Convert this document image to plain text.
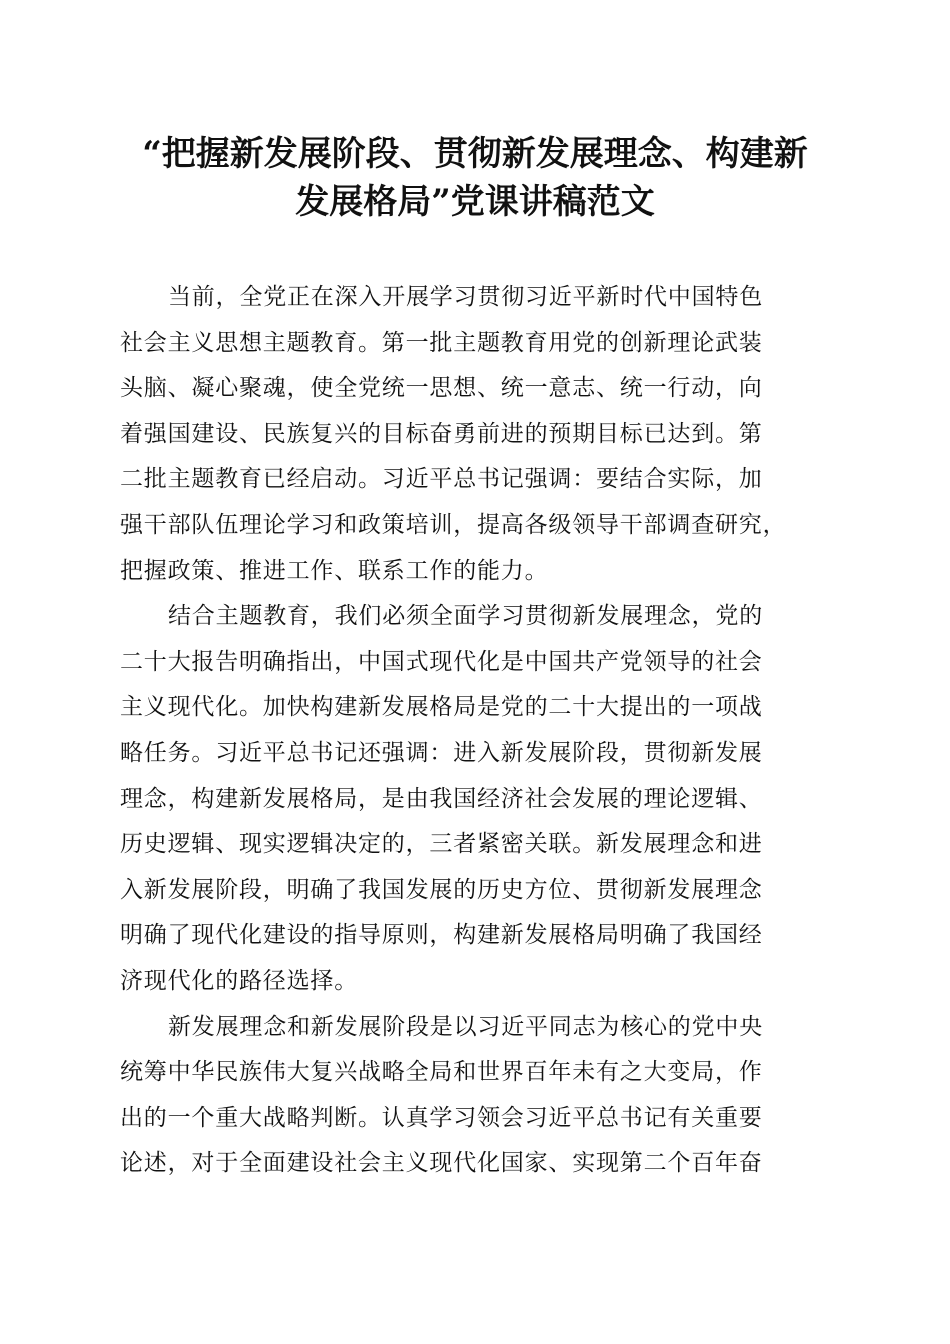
“把握新发展阶段、贯彻新发展理念、构建新
发展格局”党课讲稿范文
当前，全党正在深入开展学习贯彻习近平新时代中国特色
社会主义思想主题教育。第一批主题教育用党的创新理论武装
头脑、凝心聚魂，使全党统一思想、统一意志、统一行动，向
着强国建设、民族复兴的目标奋勇前进的预期目标已达到。第
二批主题教育已经启动。习近平总书记强调：要结合实际，加
强干部队伍理论学习和政策培训，提高各级领导干部调查研究，
把握政策、推进工作、联系工作的能力。
结合主题教育，我们必须全面学习贯彻新发展理念，党的
二十大报告明确指出，中国式现代化是中国共产党领导的社会
主义现代化。加快构建新发展格局是党的二十大提出的一项战
略任务。习近平总书记还强调：进入新发展阶段，贯彻新发展
理念，构建新发展格局，是由我国经济社会发展的理论逻辑、
历史逻辑、现实逻辑决定的，三者紧密关联。新发展理念和进
入新发展阶段，明确了我国发展的历史方位、贯彻新发展理念
明确了现代化建设的指导原则，构建新发展格局明确了我国经
济现代化的路径选择。
新发展理念和新发展阶段是以习近平同志为核心的党中央
统筹中华民族伟大复兴战略全局和世界百年未有之大变局，作
出的一个重大战略判断。认真学习领会习近平总书记有关重要
论述，对于全面建设社会主义现代化国家、实现第二个百年奋
